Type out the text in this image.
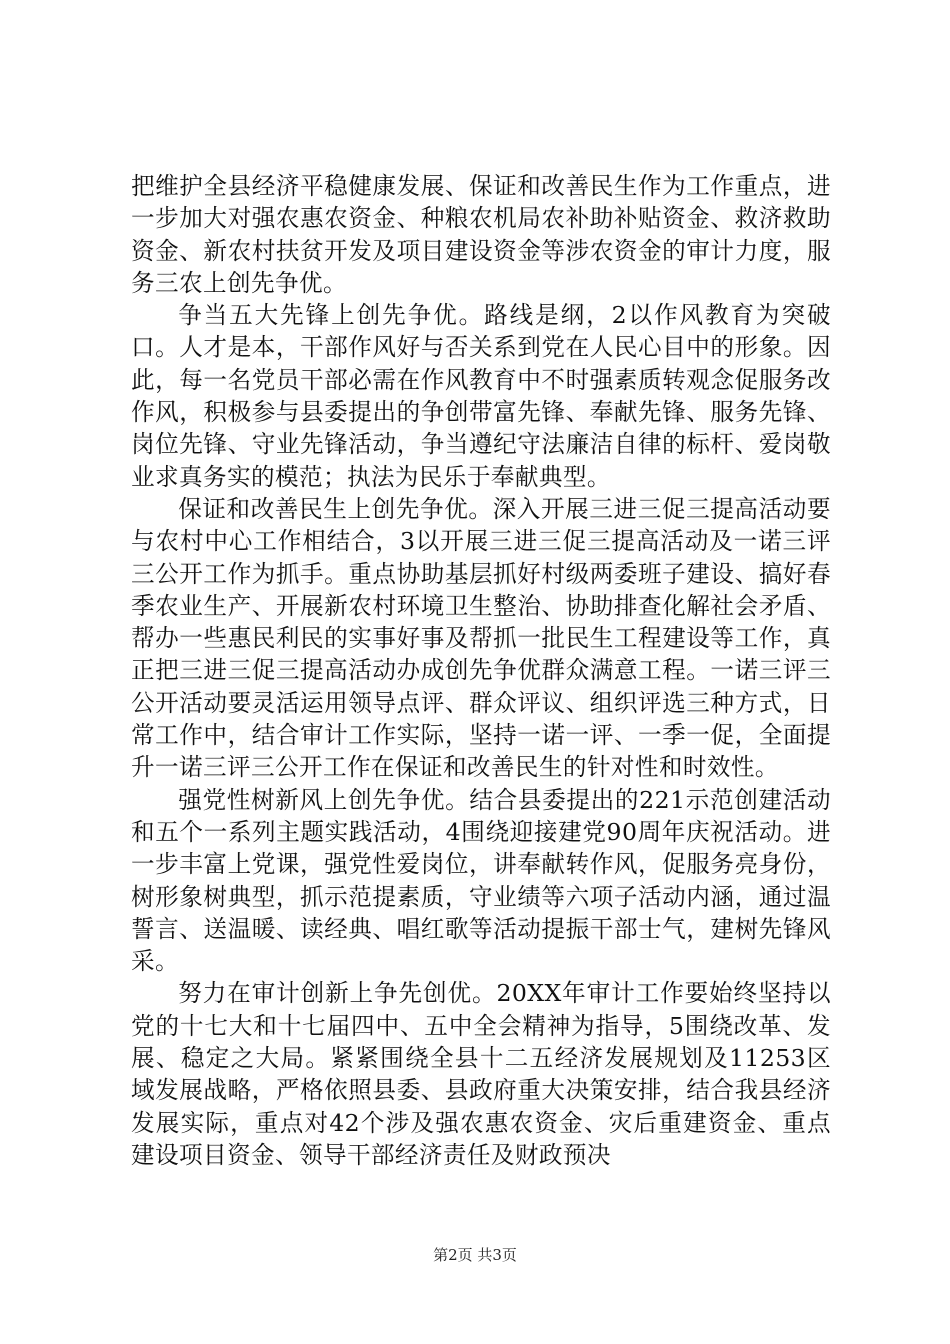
把维护全县经济平稳健康发展、保证和改善民生作为工作重点，进一步加大对强农惠农资金、种粮农机局农补助补贴资金、救济救助资金、新农村扶贫开发及项目建设资金等涉农资金的审计力度，服务三农上创先争优。

争当五大先锋上创先争优。路线是纲，2以作风教育为突破口。人才是本，干部作风好与否关系到党在人民心目中的形象。因此，每一名党员干部必需在作风教育中不时强素质转观念促服务改作风，积极参与县委提出的争创带富先锋、奉献先锋、服务先锋、岗位先锋、守业先锋活动，争当遵纪守法廉洁自律的标杆、爱岗敬业求真务实的模范；执法为民乐于奉献典型。

保证和改善民生上创先争优。深入开展三进三促三提高活动要与农村中心工作相结合，3以开展三进三促三提高活动及一诺三评三公开工作为抓手。重点协助基层抓好村级两委班子建设、搞好春季农业生产、开展新农村环境卫生整治、协助排查化解社会矛盾、帮办一些惠民利民的实事好事及帮抓一批民生工程建设等工作，真正把三进三促三提高活动办成创先争优群众满意工程。一诺三评三公开活动要灵活运用领导点评、群众评议、组织评选三种方式，日常工作中，结合审计工作实际，坚持一诺一评、一季一促，全面提升一诺三评三公开工作在保证和改善民生的针对性和时效性。

强党性树新风上创先争优。结合县委提出的221示范创建活动和五个一系列主题实践活动，4围绕迎接建党90周年庆祝活动。进一步丰富上党课，强党性爱岗位，讲奉献转作风，促服务亮身份，树形象树典型，抓示范提素质，守业绩等六项子活动内涵，通过温誓言、送温暖、读经典、唱红歌等活动提振干部士气，建树先锋风采。

努力在审计创新上争先创优。20XX年审计工作要始终坚持以党的十七大和十七届四中、五中全会精神为指导，5围绕改革、发展、稳定之大局。紧紧围绕全县十二五经济发展规划及11253区域发展战略，严格依照县委、县政府重大决策安排，结合我县经济发展实际，重点对42个涉及强农惠农资金、灾后重建资金、重点建设项目资金、领导干部经济责任及财政预决

第2页 共3页
